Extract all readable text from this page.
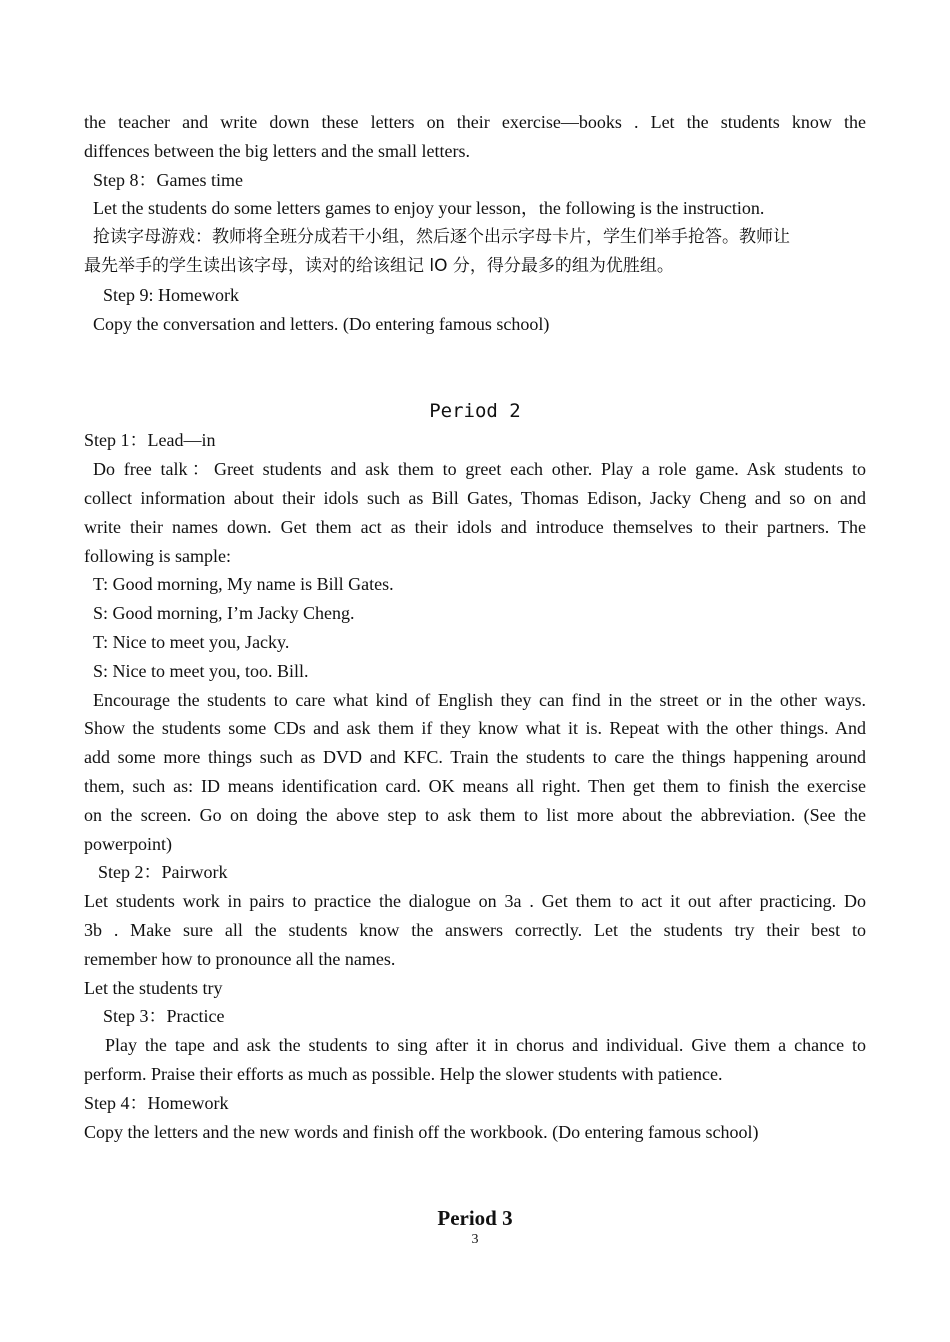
the teacher and write down these letters on their exercise—books . Let the students know the

diffences between the big letters and the small letters.

Step 8：Games time

Let the students do some letters games to enjoy your lesson，the following is the instruction.

抢读字母游戏：教师将全班分成若干小组，然后逐个出示字母卡片，学生们举手抢答。教师让

最先举手的学生读出该字母，读对的给该组记 lO 分，得分最多的组为优胜组。

Step 9: Homework

Copy the conversation and letters. (Do entering famous school)

Period 2

Step 1：Lead—in

Do free talk：Greet students and ask them to greet each other. Play a role game. Ask students to

collect information about their idols such as Bill Gates, Thomas Edison, Jacky Cheng and so on and

write their names down. Get them act as their idols and introduce themselves to their partners. The

following is sample:

T: Good morning, My name is Bill Gates.

S: Good morning, I’m Jacky Cheng.

T: Nice to meet you, Jacky.

S: Nice to meet you, too. Bill.

Encourage the students to care what kind of English they can find in the street or in the other ways.

Show the students some CDs and ask them if they know what it is. Repeat with the other things. And

add some more things such as DVD and KFC. Train the students to care the things happening around

them, such as: ID means identification card. OK means all right. Then get them to finish the exercise

on the screen. Go on doing the above step to ask them to list more about the abbreviation. (See the

powerpoint)

Step 2：Pairwork

Let students work in pairs to practice the dialogue on 3a . Get them to act it out after practicing. Do

3b . Make sure all the students know the answers correctly. Let the students try their best to

remember how to pronounce all the names.

Let the students try

Step 3：Practice

Play the tape and ask the students to sing after it in chorus and individual. Give them a chance to

perform. Praise their efforts as much as possible. Help the slower students with patience.

Step 4：Homework

Copy the letters and the new words and finish off the workbook. (Do entering famous school)

Period 3

3
